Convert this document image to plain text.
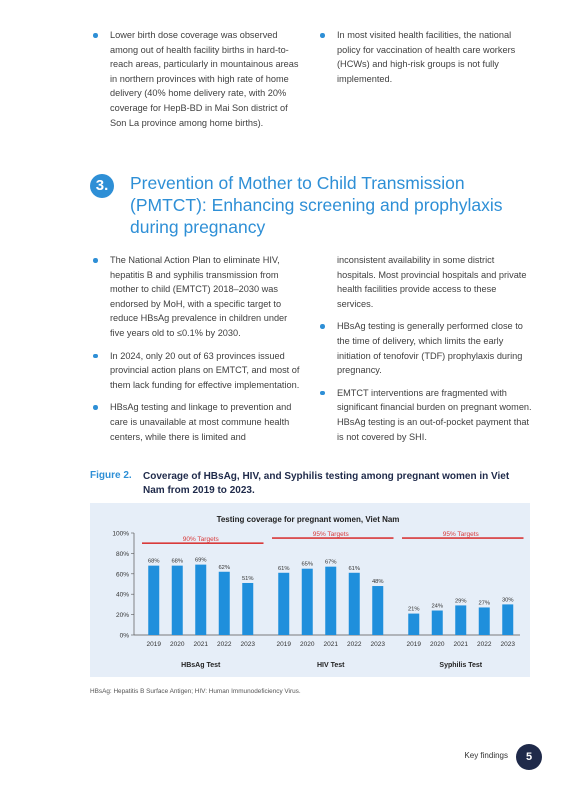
Lower birth dose coverage was observed among out of health facility births in hard-to-reach areas, particularly in mountainous areas in northern provinces with high rate of home delivery (40% home delivery rate, with 20% coverage for HepB-BD in Mai Son district of Son La province among home births).
In most visited health facilities, the national policy for vaccination of health care workers (HCWs) and high-risk groups is not fully implemented.
3.	Prevention of Mother to Child Transmission (PMTCT): Enhancing screening and prophylaxis during pregnancy
The National Action Plan to eliminate HIV, hepatitis B and syphilis transmission from mother to child (EMTCT) 2018–2030 was endorsed by MoH, with a specific target to reduce HBsAg prevalence in children under five years old to ≤0.1% by 2030.
In 2024, only 20 out of 63 provinces issued provincial action plans on EMTCT, and most of them lack funding for effective implementation.
HBsAg testing and linkage to prevention and care is unavailable at most commune health centers, while there is limited and
inconsistent availability in some district hospitals. Most provincial hospitals and private health facilities provide access to these services.
HBsAg testing is generally performed close to the time of delivery, which limits the early initiation of tenofovir (TDF) prophylaxis during pregnancy.
EMTCT interventions are fragmented with significant financial burden on pregnant women. HBsAg testing is an out-of-pocket payment that is not covered by SHI.
Figure 2. Coverage of HBsAg, HIV, and Syphilis testing among pregnant women in Viet Nam from 2019 to 2023.
Testing coverage for pregnant women, Viet Nam
0%
20%
40%
60%
80%
100%
90% Targets
68%
2019
68%
2020
69%
2021
62%
2022
51%
2023
HBsAg Test
95% Targets
61%
2019
65%
2020
67%
2021
61%
2022
48%
2023
HIV Test
95% Targets
21%
2019
24%
2020
29%
2021
27%
2022
30%
2023
Syphilis Test
HBsAg: Hepatitis B Surface Antigen; HIV: Human Immunodeficiency Virus.
Key findings	5
